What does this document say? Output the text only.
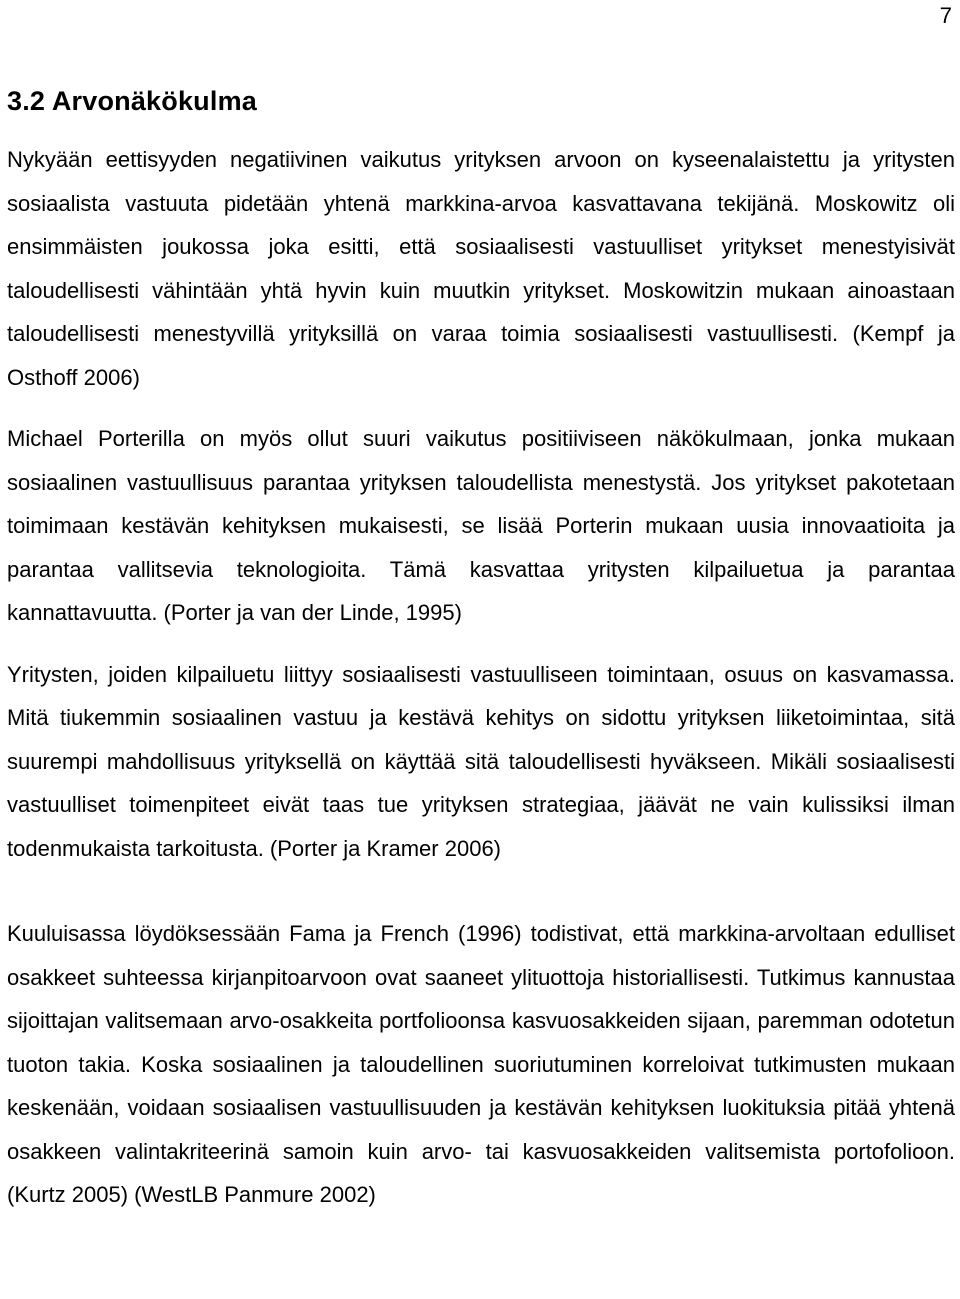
7
3.2 Arvonäkökulma

Nykyään eettisyyden negatiivinen vaikutus yrityksen arvoon on kyseenalaistettu ja yritysten sosiaalista vastuuta pidetään yhtenä markkina-arvoa kasvattavana tekijänä. Moskowitz oli ensimmäisten joukossa joka esitti, että sosiaalisesti vastuulliset yritykset menestyisivät taloudellisesti vähintään yhtä hyvin kuin muutkin yritykset. Moskowitzin mukaan ainoastaan taloudellisesti menestyvillä yrityksillä on varaa toimia sosiaalisesti vastuullisesti. (Kempf ja Osthoff 2006)

Michael Porterilla on myös ollut suuri vaikutus positiiviseen näkökulmaan, jonka mukaan sosiaalinen vastuullisuus parantaa yrityksen taloudellista menestystä. Jos yritykset pakotetaan toimimaan kestävän kehityksen mukaisesti, se lisää Porterin mukaan uusia innovaatioita ja parantaa vallitsevia teknologioita. Tämä kasvattaa yritysten kilpailuetua ja parantaa kannattavuutta. (Porter ja van der Linde, 1995)

Yritysten, joiden kilpailuetu liittyy sosiaalisesti vastuulliseen toimintaan, osuus on kasvamassa. Mitä tiukemmin sosiaalinen vastuu ja kestävä kehitys on sidottu yrityksen liiketoimintaa, sitä suurempi mahdollisuus yrityksellä on käyttää sitä taloudellisesti hyväkseen. Mikäli sosiaalisesti vastuulliset toimenpiteet eivät taas tue yrityksen strategiaa, jäävät ne vain kulissiksi ilman todenmukaista tarkoitusta. (Porter ja Kramer 2006)

Kuuluisassa löydöksessään Fama ja French (1996) todistivat, että markkina-arvoltaan edulliset osakkeet suhteessa kirjanpitoarvoon ovat saaneet ylituottoja historiallisesti. Tutkimus kannustaa sijoittajan valitsemaan arvo-osakkeita portfolioonsa kasvuosakkeiden sijaan, paremman odotetun tuoton takia. Koska sosiaalinen ja taloudellinen suoriutuminen korreloivat tutkimusten mukaan keskenään, voidaan sosiaalisen vastuullisuuden ja kestävän kehityksen luokituksia pitää yhtenä osakkeen valintakriteerinä samoin kuin arvo- tai kasvuosakkeiden valitsemista portofolioon. (Kurtz 2005) (WestLB Panmure 2002)
